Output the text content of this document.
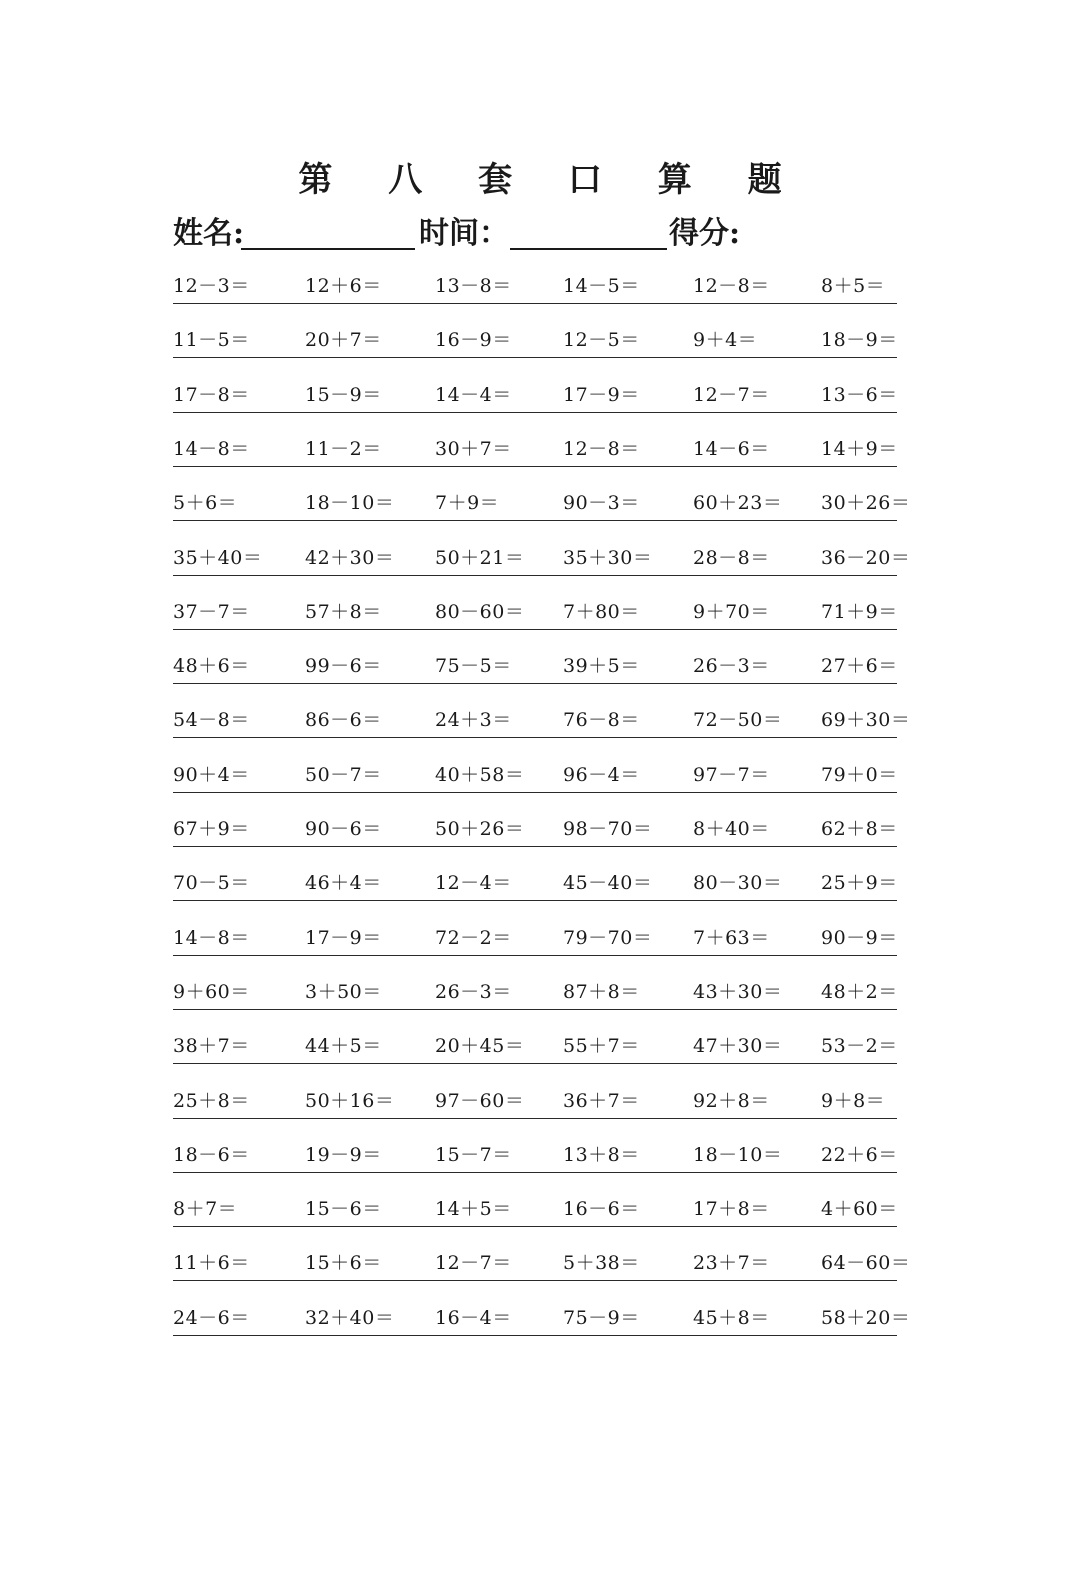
第 八 套 口 算 题
姓名:	时间：	得分:
12－3＝	12＋6＝	13－8＝	14－5＝	12－8＝	8＋5＝
11－5＝	20＋7＝	16－9＝	12－5＝	9＋4＝	18－9＝
17－8＝	15－9＝	14－4＝	17－9＝	12－7＝	13－6＝
14－8＝	11－2＝	30＋7＝	12－8＝	14－6＝	14＋9＝
5＋6＝	18－10＝ 7＋9＝	90－3＝	60＋23＝ 30＋26＝
35＋40＝ 42＋30＝ 50＋21＝ 35＋30＝ 28－8＝	36－20＝
37－7＝	57＋8＝	80－60＝ 7＋80＝	9＋70＝	71＋9＝
48＋6＝	99－6＝	75－5＝	39＋5＝	26－3＝	27＋6＝
54－8＝	86－6＝	24＋3＝	76－8＝	72－50＝ 69＋30＝
90＋4＝	50－7＝	40＋58＝ 96－4＝	97－7＝	79＋0＝
67＋9＝	90－6＝	50＋26＝ 98－70＝ 8＋40＝	62＋8＝
70－5＝	46＋4＝	12－4＝	45－40＝ 80－30＝ 25＋9＝
14－8＝	17－9＝	72－2＝	79－70＝ 7＋63＝	90－9＝
9＋60＝	3＋50＝	26－3＝	87＋8＝	43＋30＝ 48＋2＝
38＋7＝	44＋5＝	20＋45＝ 55＋7＝	47＋30＝ 53－2＝
25＋8＝	50＋16＝ 97－60＝ 36＋7＝	92＋8＝	9＋8＝
18－6＝	19－9＝	15－7＝	13＋8＝	18－10＝ 22＋6＝
8＋7＝	15－6＝	14＋5＝	16－6＝	17＋8＝	4＋60＝
11＋6＝	15＋6＝	12－7＝	5＋38＝	23＋7＝	64－60＝
24－6＝	32＋40＝ 16－4＝	75－9＝	45＋8＝	58＋20＝
